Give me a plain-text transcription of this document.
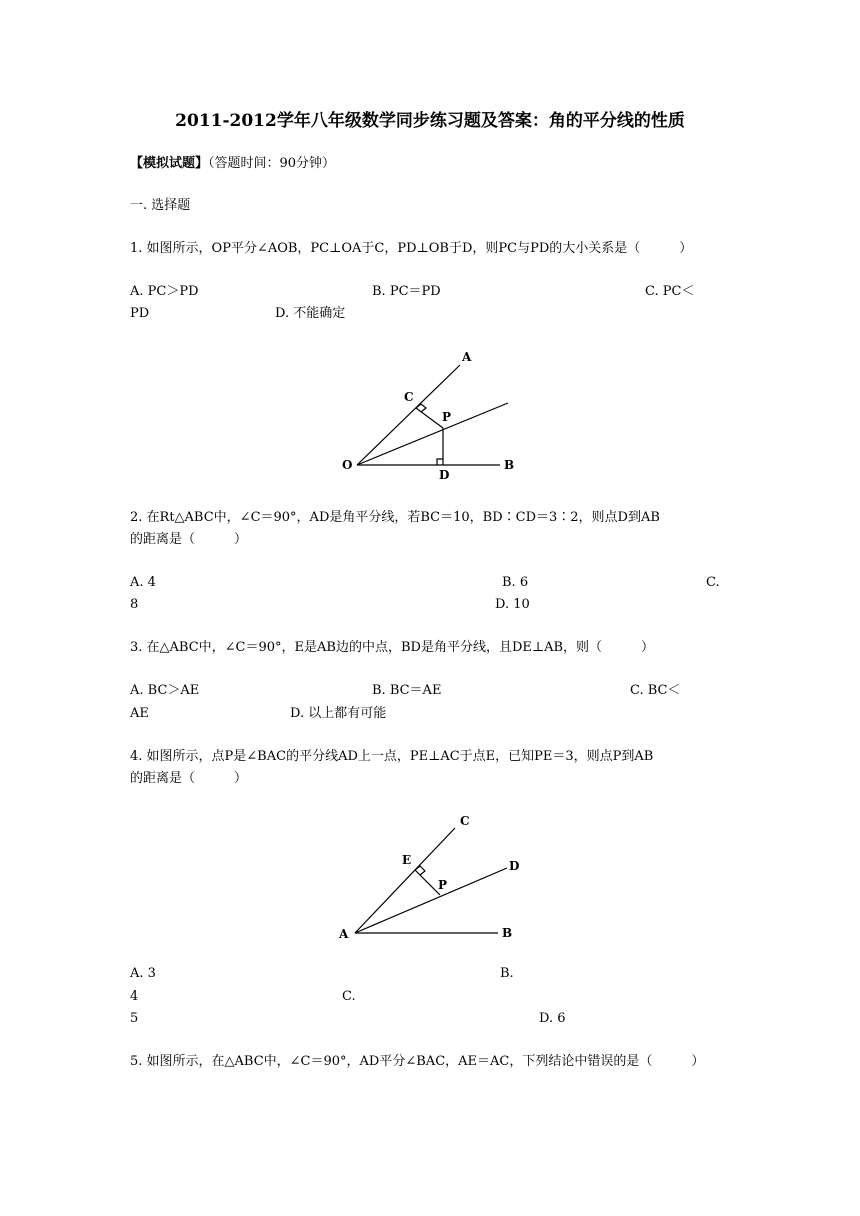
2011-2012学年八年级数学同步练习题及答案：角的平分线的性质
【模拟试题】（答题时间：90分钟）
一. 选择题
1. 如图所示，OP平分∠AOB，PC⊥OA于C，PD⊥OB于D，则PC与PD的大小关系是（　　　）
A. PC＞PD	B. PC＝PD	C. PC＜
PD	D. 不能确定
A
C
P
O
D
B
2. 在Rt△ABC中，∠C＝90°，AD是角平分线，若BC＝10，BD∶CD＝3∶2，则点D到AB
的距离是（　　　）
A. 4	B. 6	C.
8	D. 10
3. 在△ABC中，∠C＝90°，E是AB边的中点，BD是角平分线，且DE⊥AB，则（　　　）
A. BC＞AE	B. BC＝AE	C. BC＜
AE	D. 以上都有可能
4. 如图所示，点P是∠BAC的平分线AD上一点，PE⊥AC于点E，已知PE＝3，则点P到AB
的距离是（　　　）
C
E	D
P
A	B
A. 3	B.
4	C.
5	D. 6
5. 如图所示，在△ABC中，∠C＝90°，AD平分∠BAC，AE＝AC，下列结论中错误的是（　　　）
